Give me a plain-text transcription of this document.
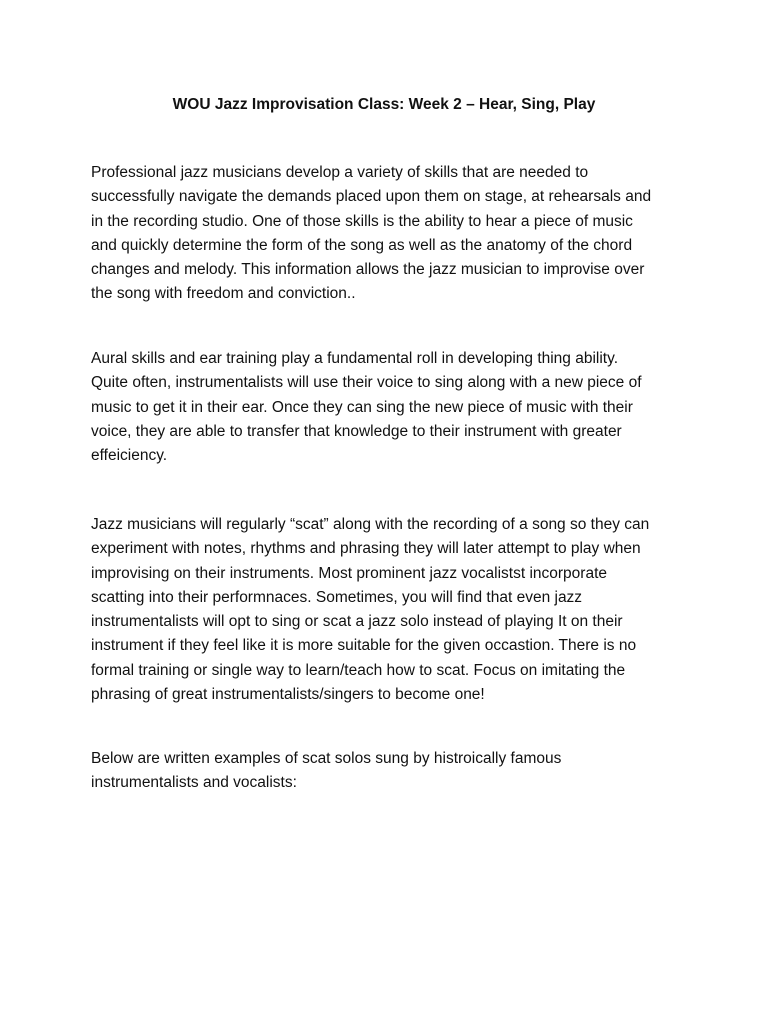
WOU Jazz Improvisation Class: Week 2 – Hear, Sing, Play

Professional jazz musicians develop a variety of skills that are needed to
successfully navigate the demands placed upon them on stage, at rehearsals and
in the recording studio. One of those skills is the ability to hear a piece of music
and quickly determine the form of the song as well as the anatomy of the chord
changes and melody. This information allows the jazz musician to improvise over
the song with freedom and conviction..

Aural skills and ear training play a fundamental roll in developing thing ability.
Quite often, instrumentalists will use their voice to sing along with a new piece of
music to get it in their ear. Once they can sing the new piece of music with their
voice, they are able to transfer that knowledge to their instrument with greater
effeiciency.

Jazz musicians will regularly “scat” along with the recording of a song so they can
experiment with notes, rhythms and phrasing they will later attempt to play when
improvising on their instruments. Most prominent jazz vocalistst incorporate
scatting into their performnaces. Sometimes, you will find that even jazz
instrumentalists will opt to sing or scat a jazz solo instead of playing It on their
instrument if they feel like it is more suitable for the given occastion. There is no
formal training or single way to learn/teach how to scat. Focus on imitating the
phrasing of great instrumentalists/singers to become one!

Below are written examples of scat solos sung by histroically famous
instrumentalists and vocalists:
